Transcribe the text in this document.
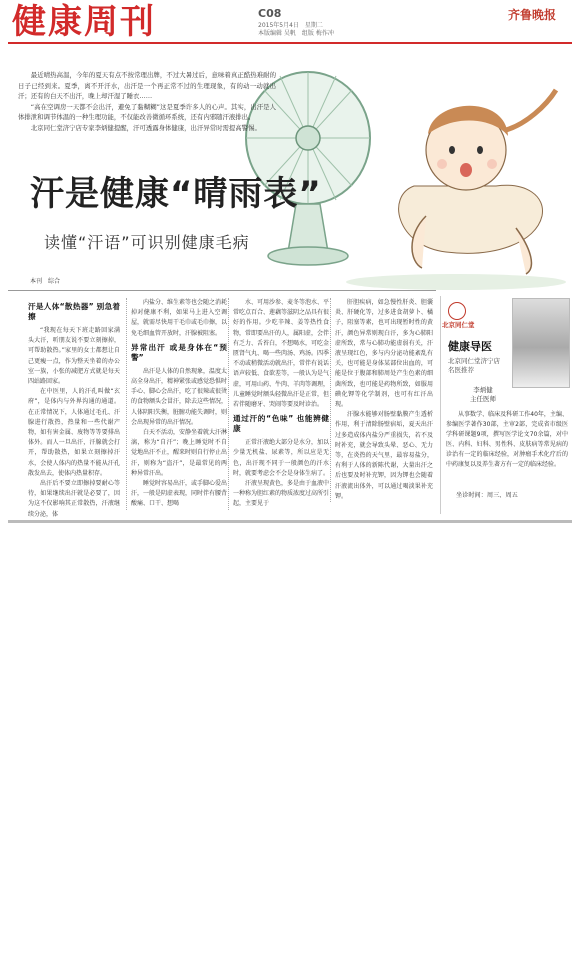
健康周刊	C08
2015年5月4日　星期二
本版编辑 吴帆　组版 梅作冲
齐鲁晚报

最近晴热高温，今年的夏天有点不按常理出牌，不过大暑过后，意味着真正酷热难耐的日子已经到来。夏季，离不开汗水，出汗是一个再正常不过的生理现象，有的动一动就出汗；还有的白天不出汗，晚上却汗湿了睡衣……

“高在空调房一天都不会出汗，避免了黏糊糊”这是夏季许多人的心声。其实，出汗是人体排泄和调节体温的一种生理功能，不仅能改善微循环系统，还有内邪随汗液排出。

北京同仁堂济宁店专家李炳健提醒，汗可透露身体健康，出汗异常时需提高警惕。

汗是健康“晴雨表”
读懂“汗语”可识别健康毛病
本刊　综合
汗是人体“散热器” 别急着擦

“我现在每天下班走路回家满头大汗，听朋友说不要立刻擦掉，可帮助散热。”家里的女士都想让自己更瘦一点，作为整天坐着的办公室一族，小张的减肥方式就是每天四站路回家。

在中医里，人的汗孔叫做“玄府”，是体内与外界沟通的通道。在正常情况下，人体通过毛孔、汗腺进行散热，热量和一些代谢产物，如有害金属、废物等等要排出体外。而人一旦出汗，汗腺就会打开，帮助散热，如果立刻擦掉汗水，会使人体内的热量不能从汗孔散发出去，使体内热量积存。

出汗后不要立即擦掉要耐心等待，如果继续出汗就是必要了，因为这不仅影响其正常散热，汗液继续分泌，体

内盐分、维生素等也会随之消耗掉对健康不利，如果马上进入空调屋，就需尽快用干毛巾或毛巾擦，以免毛细血管开放时，汗腺被阻塞。

异常出汗 或是身体在“预警”

出汗是人体的自然现象，温度太高全身出汗，精神紧张或感觉恐惧时手心、脚心会出汗，吃了很辣或很烫的食物额头会冒汗，除去这些情况，人体阴阳失衡，脏腑功能失调时，则会出现异常的出汗情况。

白天不活动，安静坐着就大汗淋漓，称为“自汗”；晚上睡觉时不自觉地出汗不止，醒来时则自行停止出汗，则称为“盗汗”，是最常见的两种异常汗出。

睡觉时容易出汗，或手脚心爱出汗，一般是阴虚表现，同时伴有腰背酸痛、口干、想喝

水、可用沙参、麦冬等泡水、平常吃点百合、莲藕等滋阴之品具有很好的作用。少吃辛辣、姜等热性食物，常即要出汗的人，属阳虚，会伴有乏力、舌苔白，不想喝水，可吃金匮肾气丸、喝一些肉汤、鸡汤。四季不动或稍微活动就出汗，常伴有说话语声较低、食欲差等，一般认为是气虚，可用山药、牛肉、羊肉等调理，儿童睡觉时额头轻微出汗是正常，但若伴随磨牙、哭闹等要及时诊治。

通过汗的“色味” 也能辨健康

正常汗液绝大部分是水分，加以少量无机盐、尿素等，所以应是无色，出汗现不同于一般颜色的汗水时，就要考虑会不会是身体生病了。

汗液呈现黄色，多是由于血液中一种称为胆红素的物质浓度过高所引起，主要见于

肝胆疾病，如急慢性肝炎、胆囊炎、肝硬化等，过多进食胡萝卜、橘子，阻塞等素，也可出现暂时性的黄汗，颜色异常则现白汗，多为心肺阳虚所致，常与心肺功能虚弱有关，汗液呈现红色，多与内分泌功能紊乱有关，也可能是身体某部位出血的，可能是位于腹部和肺周处产生色素的细菌所致，也可能是药物所致，如服用碘化钾等化学制剂，也可有红汗出现。

汗腺水能够对肠壁黏膜产生透析作用，利于清除肠壁宿垢，夏天出汗过多造成体内盐分严重损失，若不及时补充，就会导致头晕、恶心、无力等，在炎热的天气里，最容易盐分，有利于人体的新陈代谢，大量出汗之后也要及时补充钾，因为钾也会随着汗液流出体外，可以通过喝淡果补充钾。

北京同仁堂
健康导医
北京同仁堂济宁店
名医推荐
李炳健
主任医师

从事数学、临床及科研工作40年，主编、参编医学著作30部，主审2部，完成省市级医学科研课题9项，撰写医学论文70余篇，对中医、内科、妇科、男性科、皮肤病等常见病的诊治有一定的临床经验，对肿瘤手术化疗后的中药康复以及养生著方有一定的临床经验。

坐诊时间：周三、周五
